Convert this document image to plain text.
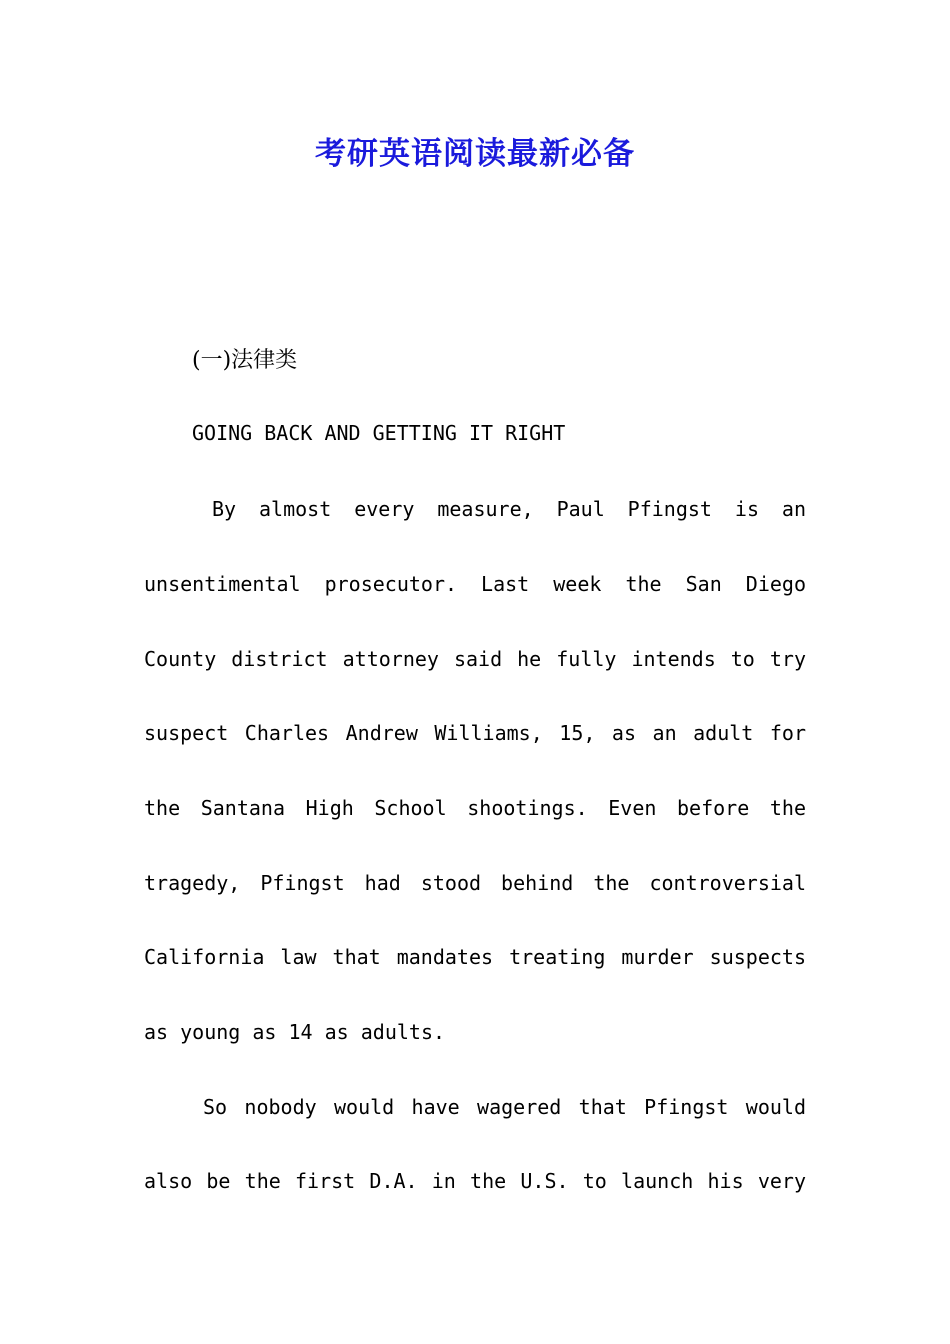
考研英语阅读最新必备
(一)法律类
GOING BACK AND GETTING IT RIGHT
By almost every measure, Paul Pfingst is an
unsentimental prosecutor. Last week the San Diego
County district attorney said he fully intends to try
suspect Charles Andrew Williams, 15, as an adult for
the Santana High School shootings. Even before the
tragedy, Pfingst had stood behind the controversial
California law that mandates treating murder suspects
as young as 14 as adults.
So nobody would have wagered that Pfingst would
also be the first D.A. in the U.S. to launch his very
